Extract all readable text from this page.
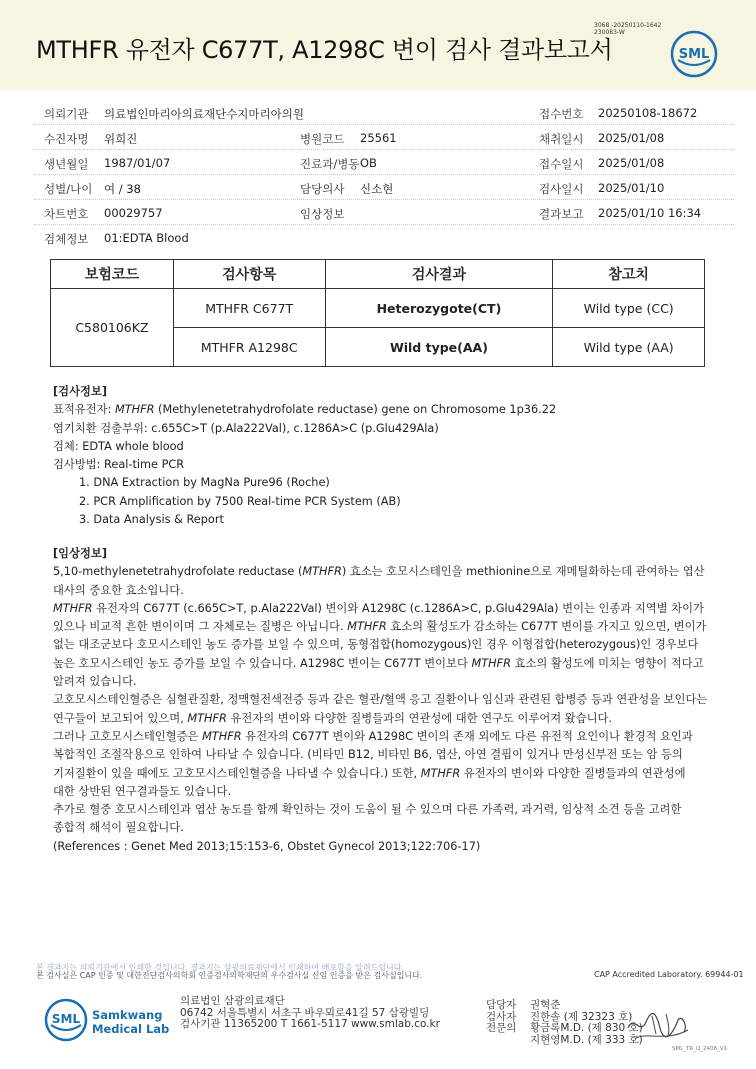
3068 -20250110-1642
230083-W
MTHFR 유전자 C677T, A1298C 변이 검사 결과보고서	SML
의뢰기관 의료법인마리아의료재단수지마리아의원	접수번호 20250108-18672
수진자명 위희진	병원코드 25561	채취일시 2025/01/08
생년월일 1987/01/07	진료과/병동 OB	접수일시 2025/01/08
성별/나이 여 / 38	담당의사 신소현	검사일시 2025/01/10
차트번호 00029757	임상정보	결과보고 2025/01/10 16:34
검체정보 01:EDTA Blood
보험코드	검사항목	검사결과	참고치
C580106KZ	MTHFR C677T	Heterozygote(CT)	Wild type (CC)
	MTHFR A1298C	Wild type(AA)	Wild type (AA)
[검사정보]
표적유전자: MTHFR (Methylenetetrahydrofolate reductase) gene on Chromosome 1p36.22
염기치환 검출부위: c.655C>T (p.Ala222Val), c.1286A>C (p.Glu429Ala)
검체: EDTA whole blood
검사방법: Real-time PCR
1. DNA Extraction by MagNa Pure96 (Roche)
2. PCR Amplification by 7500 Real-time PCR System (AB)
3. Data Analysis & Report
[임상정보]
5,10-methylenetetrahydrofolate reductase (MTHFR) 효소는 호모시스테인을 methionine으로 재메틸화하는데 관여하는 엽산
대사의 중요한 효소입니다.
MTHFR 유전자의 C677T (c.665C>T, p.Ala222Val) 변이와 A1298C (c.1286A>C, p.Glu429Ala) 변이는 인종과 지역별 차이가
있으나 비교적 흔한 변이이며 그 자체로는 질병은 아닙니다. MTHFR 효소의 활성도가 감소하는 C677T 변이를 가지고 있으면, 변이가
없는 대조군보다 호모시스테인 농도 증가를 보일 수 있으며, 동형접합(homozygous)인 경우 이형접합(heterozygous)인 경우보다
높은 호모시스테인 농도 증가를 보일 수 있습니다. A1298C 변이는 C677T 변이보다 MTHFR 효소의 활성도에 미치는 영향이 적다고
알려져 있습니다.
고호모시스테인혈증은 심혈관질환, 정맥혈전색전증 등과 같은 혈관/혈액 응고 질환이나 임신과 관련된 합병증 등과 연관성을 보인다는
연구들이 보고되어 있으며, MTHFR 유전자의 변이와 다양한 질병들과의 연관성에 대한 연구도 이루어져 왔습니다.
그러나 고호모시스테인혈증은 MTHFR 유전자의 C677T 변이와 A1298C 변이의 존재 외에도 다른 유전적 요인이나 환경적 요인과
복합적인 조절작용으로 인하여 나타날 수 있습니다. (비타민 B12, 비타민 B6, 엽산, 아연 결핍이 있거나 만성신부전 또는 암 등의
기저질환이 있을 때에도 고호모시스테인혈증을 나타낼 수 있습니다.) 또한, MTHFR 유전자의 변이와 다양한 질병들과의 연관성에
대한 상반된 연구결과들도 있습니다.
추가로 혈중 호모시스테인과 엽산 농도를 함께 확인하는 것이 도움이 될 수 있으며 다른 가족력, 과거력, 임상적 소견 등을 고려한
종합적 해석이 필요합니다.
(References : Genet Med 2013;15:153-6, Obstet Gynecol 2013;122:706-17)
본 결과지는 의뢰기관에서 인쇄한 것입니다. 결과지는 삼광의료재단에서 인쇄하여 배포함을 알려드립니다.
본 검사실은 CAP 인증 및 대한진단검사의학회 인증검사의학재단의 우수검사실 신임 인증을 받은 검사실입니다.	CAP Accredited Laboratory. 69944-01
SML Samkwang
Medical Lab
의료법인 삼광의료재단
06742 서울특별시 서초구 바우뫼로41길 57 삼광빌딩
검사기관 11365200 T 1661-5117 www.smlab.co.kr
담당자	권혁준
검사자	진한솔 (제 32323 호)
전문의	황금록M.D. (제 830 호)
지현영M.D. (제 333 호)
SML_TR_Q_2408_V1
